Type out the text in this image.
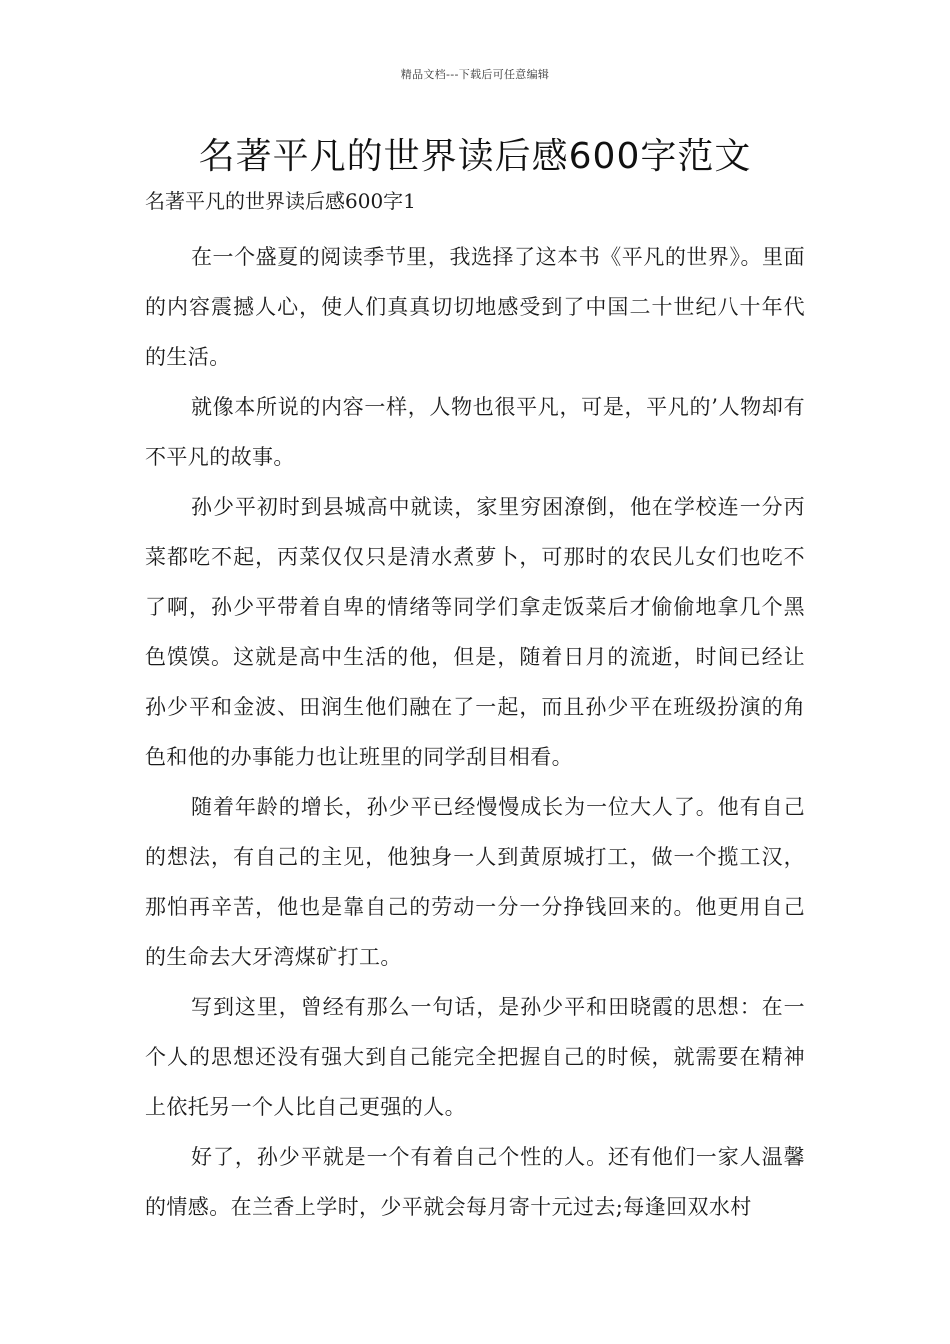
精品文档---下载后可任意编辑
名著平凡的世界读后感600字范文

名著平凡的世界读后感600字1

在一个盛夏的阅读季节里，我选择了这本书《平凡的世界》。里面的内容震撼人心，使人们真真切切地感受到了中国二十世纪八十年代的生活。

就像本所说的内容一样，人物也很平凡，可是，平凡的’人物却有不平凡的故事。

孙少平初时到县城高中就读，家里穷困潦倒，他在学校连一分丙菜都吃不起，丙菜仅仅只是清水煮萝卜，可那时的农民儿女们也吃不了啊，孙少平带着自卑的情绪等同学们拿走饭菜后才偷偷地拿几个黑色馍馍。这就是高中生活的他，但是，随着日月的流逝，时间已经让孙少平和金波、田润生他们融在了一起，而且孙少平在班级扮演的角色和他的办事能力也让班里的同学刮目相看。

随着年龄的增长，孙少平已经慢慢成长为一位大人了。他有自己的想法，有自己的主见，他独身一人到黄原城打工，做一个揽工汉，那怕再辛苦，他也是靠自己的劳动一分一分挣钱回来的。他更用自己的生命去大牙湾煤矿打工。

写到这里，曾经有那么一句话，是孙少平和田晓霞的思想：在一个人的思想还没有强大到自己能完全把握自己的时候，就需要在精神上依托另一个人比自己更强的人。

好了，孙少平就是一个有着自己个性的人。还有他们一家人温馨的情感。在兰香上学时，少平就会每月寄十元过去;每逢回双水村
